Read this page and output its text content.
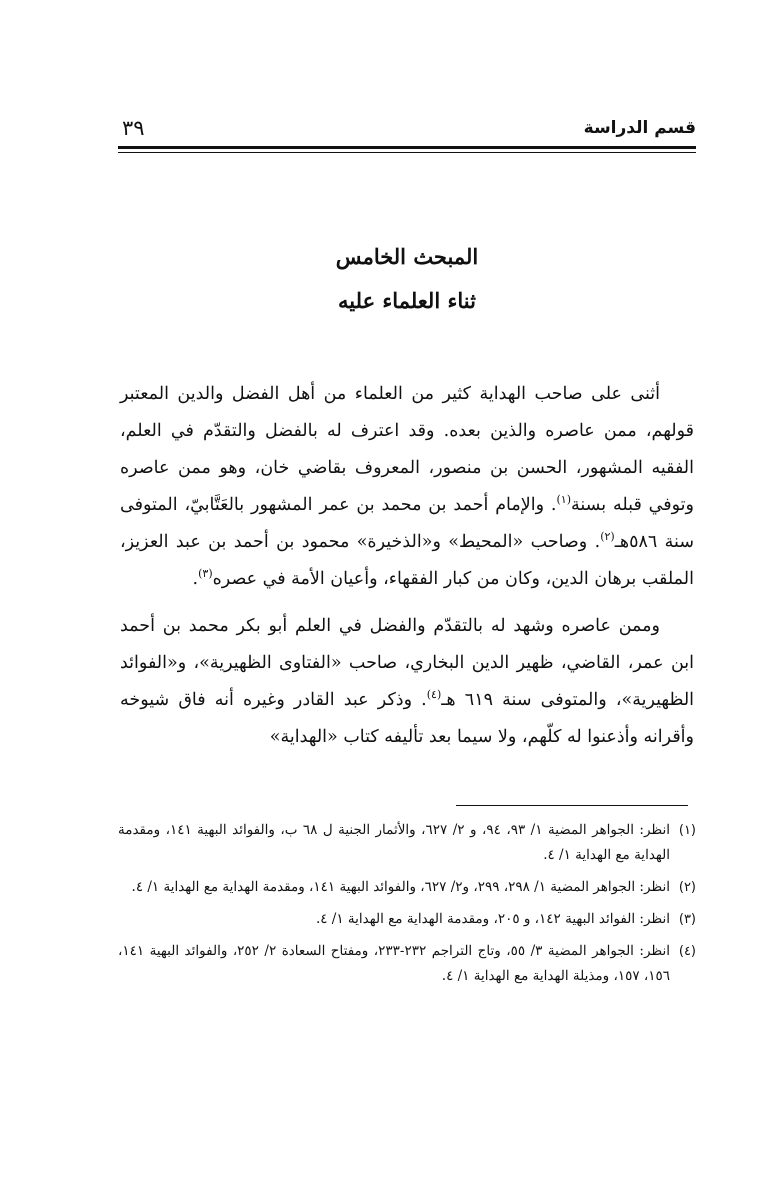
قسم الدراسة
٣٩
المبحث الخامس
ثناء العلماء عليه

أثنى على صاحب الهداية كثير من العلماء من أهل الفضل والدين المعتبر قولهم، ممن عاصره والذين بعده. وقد اعترف له بالفضل والتقدّم في العلم، الفقيه المشهور، الحسن بن منصور، المعروف بقاضي خان، وهو ممن عاصره وتوفي قبله بسنة$^{(١)}$. والإمام أحمد بن محمد بن عمر المشهور بالعَتَّابيّ، المتوفى سنة ٥٨٦هـ$^{(٢)}$. وصاحب «المحيط» و«الذخيرة» محمود بن أحمد بن عبد العزيز، الملقب برهان الدين، وكان من كبار الفقهاء، وأعيان الأمة في عصره$^{(٣)}$.

وممن عاصره وشهد له بالتقدّم والفضل في العلم أبو بكر محمد بن أحمد ابن عمر، القاضي، ظهير الدين البخاري، صاحب «الفتاوى الظهيرية»، و«الفوائد الظهيرية»، والمتوفى سنة ٦١٩ هـ$^{(٤)}$. وذكر عبد القادر وغيره أنه فاق شيوخه وأقرانه وأذعنوا له كلّهم، ولا سيما بعد تأليفه كتاب «الهداية»

(١)
انظر: الجواهر المضية ١/ ٩٣، ٩٤، و ٢/ ٦٢٧، والأثمار الجنية ل ٦٨ ب، والفوائد البهية ١٤١، ومقدمة الهداية مع الهداية ١/ ٤.
(٢)
انظر: الجواهر المضية ١/ ٢٩٨، ٢٩٩، و٢/ ٦٢٧، والفوائد البهية ١٤١، ومقدمة الهداية مع الهداية ١/ ٤.
(٣)
انظر: الفوائد البهية ١٤٢، و ٢٠٥، ومقدمة الهداية مع الهداية ١/ ٤.
(٤)
انظر: الجواهر المضية ٣/ ٥٥، وتاج التراجم ٢٣٢-٢٣٣، ومفتاح السعادة ٢/ ٢٥٢، والفوائد البهية ١٤١، ١٥٦، ١٥٧، ومذيلة الهداية مع الهداية ١/ ٤.
